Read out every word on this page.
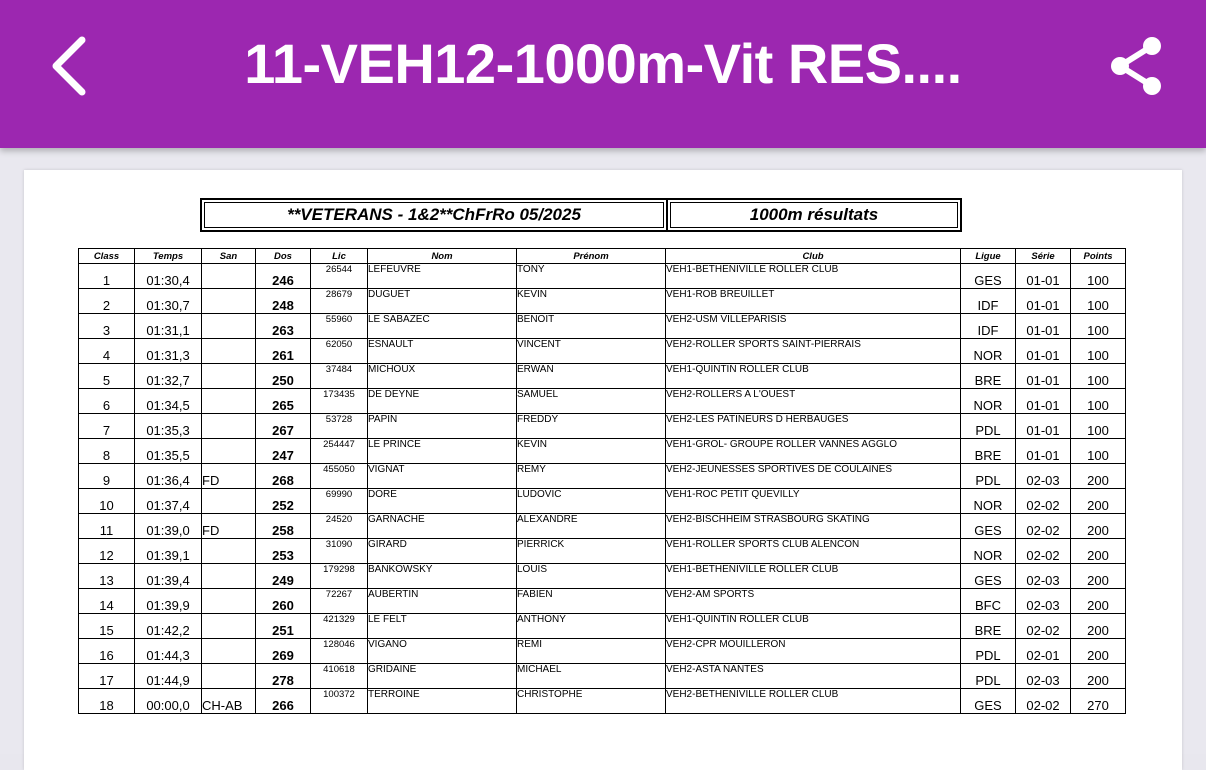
11-VEH12-1000m-Vit RES....
**VETERANS - 1&2**ChFrRo 05/2025	1000m résultats
Class	Temps	San	Dos	Lic	Nom	Prénom	Club	Ligue	Série	Points
1	01:30,4		246	26544	LEFEUVRE	TONY	VEH1-BETHENIVILLE ROLLER CLUB	GES	01-01	100
2	01:30,7		248	28679	DUGUET	KEVIN	VEH1-ROB BREUILLET	IDF	01-01	100
3	01:31,1		263	55960	LE SABAZEC	BENOIT	VEH2-USM VILLEPARISIS	IDF	01-01	100
4	01:31,3		261	62050	ESNAULT	VINCENT	VEH2-ROLLER SPORTS SAINT-PIERRAIS	NOR	01-01	100
5	01:32,7		250	37484	MICHOUX	ERWAN	VEH1-QUINTIN ROLLER CLUB	BRE	01-01	100
6	01:34,5		265	173435	DE DEYNE	SAMUEL	VEH2-ROLLERS A L'OUEST	NOR	01-01	100
7	01:35,3		267	53728	PAPIN	FREDDY	VEH2-LES PATINEURS D HERBAUGES	PDL	01-01	100
8	01:35,5		247	254447	LE PRINCE	KEVIN	VEH1-GROL- GROUPE ROLLER VANNES AGGLO	BRE	01-01	100
9	01:36,4	FD	268	455050	VIGNAT	REMY	VEH2-JEUNESSES SPORTIVES DE COULAINES	PDL	02-03	200
10	01:37,4		252	69990	DORE	LUDOVIC	VEH1-ROC PETIT QUEVILLY	NOR	02-02	200
11	01:39,0	FD	258	24520	GARNACHE	ALEXANDRE	VEH2-BISCHHEIM STRASBOURG SKATING	GES	02-02	200
12	01:39,1		253	31090	GIRARD	PIERRICK	VEH1-ROLLER SPORTS CLUB ALENCON	NOR	02-02	200
13	01:39,4		249	179298	BANKOWSKY	LOUIS	VEH1-BETHENIVILLE ROLLER CLUB	GES	02-03	200
14	01:39,9		260	72267	AUBERTIN	FABIEN	VEH2-AM SPORTS	BFC	02-03	200
15	01:42,2		251	421329	LE FELT	ANTHONY	VEH1-QUINTIN ROLLER CLUB	BRE	02-02	200
16	01:44,3		269	128046	VIGANO	REMI	VEH2-CPR MOUILLERON	PDL	02-01	200
17	01:44,9		278	410618	GRIDAINE	MICHAEL	VEH2-ASTA NANTES	PDL	02-03	200
18	00:00,0	CH-AB	266	100372	TERROINE	CHRISTOPHE	VEH2-BETHENIVILLE ROLLER CLUB	GES	02-02	270
